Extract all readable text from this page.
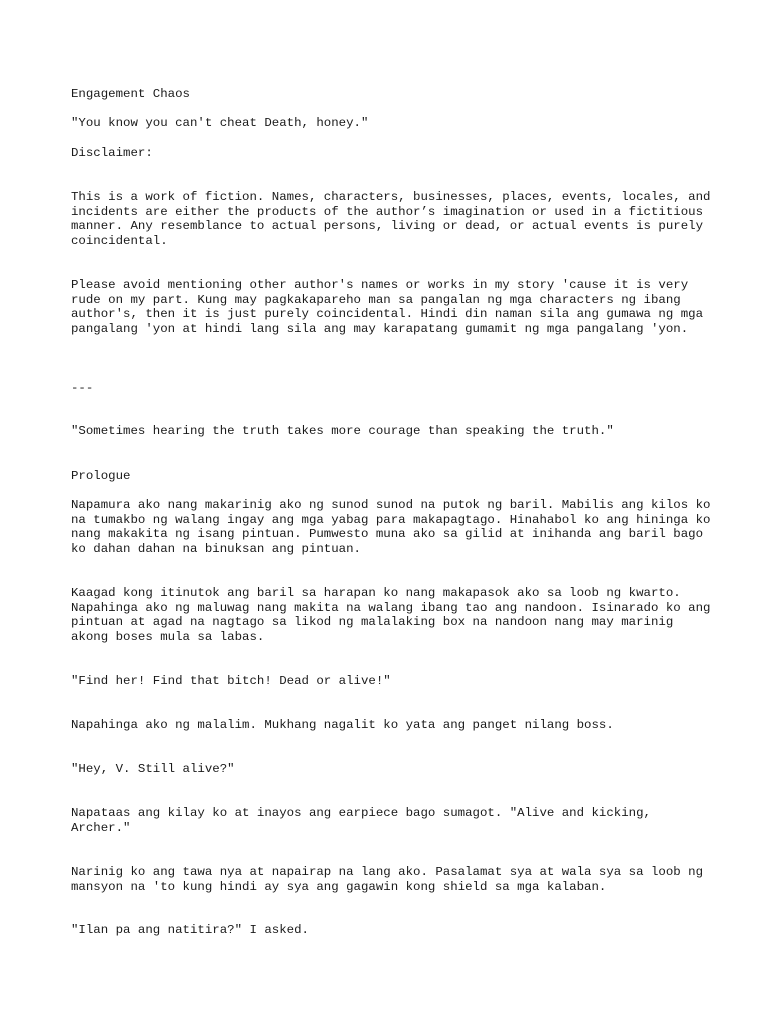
Engagement Chaos

"You know you can't cheat Death, honey."

Disclaimer:

This is a work of fiction. Names, characters, businesses, places, events, locales, and incidents are either the products of the author’s imagination or used in a fictitious manner. Any resemblance to actual persons, living or dead, or actual events is purely coincidental.

Please avoid mentioning other author's names or works in my story 'cause it is very rude on my part. Kung may pagkakapareho man sa pangalan ng mga characters ng ibang author's, then it is just purely coincidental. Hindi din naman sila ang gumawa ng mga pangalang 'yon at hindi lang sila ang may karapatang gumamit ng mga pangalang 'yon.

---

"Sometimes hearing the truth takes more courage than speaking the truth."

Prologue

Napamura ako nang makarinig ako ng sunod sunod na putok ng baril. Mabilis ang kilos ko na tumakbo ng walang ingay ang mga yabag para makapagtago. Hinahabol ko ang hininga ko nang makakita ng isang pintuan. Pumwesto muna ako sa gilid at inihanda ang baril bago ko dahan dahan na binuksan ang pintuan.

Kaagad kong itinutok ang baril sa harapan ko nang makapasok ako sa loob ng kwarto. Napahinga ako ng maluwag nang makita na walang ibang tao ang nandoon. Isinarado ko ang pintuan at agad na nagtago sa likod ng malalaking box na nandoon nang may marinig akong boses mula sa labas.

"Find her! Find that bitch! Dead or alive!"

Napahinga ako ng malalim. Mukhang nagalit ko yata ang panget nilang boss.

"Hey, V. Still alive?"

Napataas ang kilay ko at inayos ang earpiece bago sumagot. "Alive and kicking, Archer."

Narinig ko ang tawa nya at napairap na lang ako. Pasalamat sya at wala sya sa loob ng mansyon na 'to kung hindi ay sya ang gagawin kong shield sa mga kalaban.

"Ilan pa ang natitira?" I asked.
